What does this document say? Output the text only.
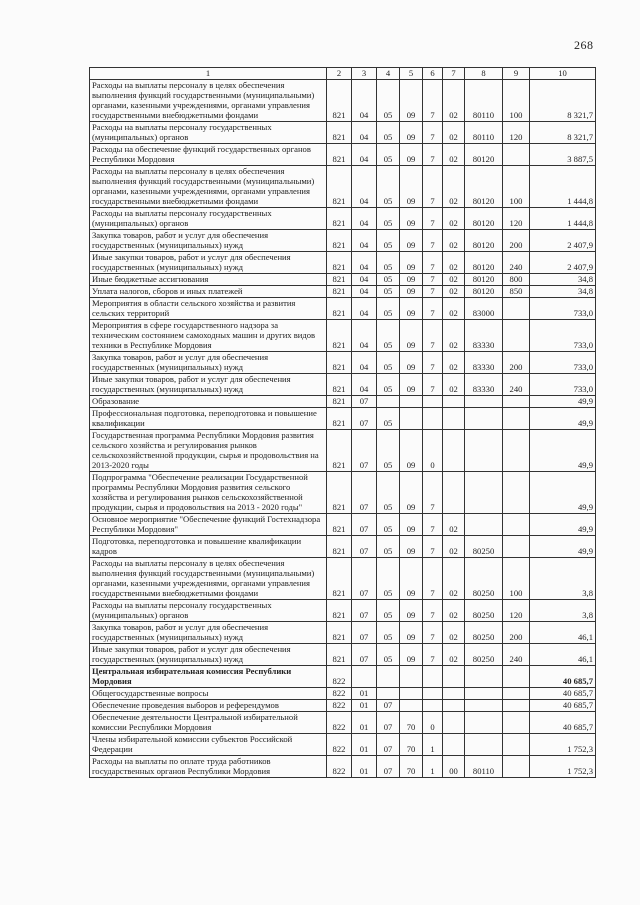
268
1	2	3	4	5	6	7	8	9	10
Расходы на выплаты персоналу в целях обеспечения выполнения функций государственными (муниципальными) органами, казенными учреждениями, органами управления государственными внебюджетными фондами	821	04	05	09	7	02	80110	100	8 321,7
Расходы на выплаты персоналу государственных (муниципальных) органов	821	04	05	09	7	02	80110	120	8 321,7
Расходы на обеспечение функций государственных органов Республики Мордовия	821	04	05	09	7	02	80120		3 887,5
Расходы на выплаты персоналу в целях обеспечения выполнения функций государственными (муниципальными) органами, казенными учреждениями, органами управления государственными внебюджетными фондами	821	04	05	09	7	02	80120	100	1 444,8
Расходы на выплаты персоналу государственных (муниципальных) органов	821	04	05	09	7	02	80120	120	1 444,8
Закупка товаров, работ и услуг для обеспечения государственных (муниципальных) нужд	821	04	05	09	7	02	80120	200	2 407,9
Иные закупки товаров, работ и услуг для обеспечения государственных (муниципальных) нужд	821	04	05	09	7	02	80120	240	2 407,9
Иные бюджетные ассигнования	821	04	05	09	7	02	80120	800	34,8
Уплата налогов, сборов и иных платежей	821	04	05	09	7	02	80120	850	34,8
Мероприятия в области сельского хозяйства и развития сельских территорий	821	04	05	09	7	02	83000		733,0
Мероприятия в сфере государственного надзора за техническим состоянием самоходных машин и других видов техники в Республике Мордовия	821	04	05	09	7	02	83330		733,0
Закупка товаров, работ и услуг для обеспечения государственных (муниципальных) нужд	821	04	05	09	7	02	83330	200	733,0
Иные закупки товаров, работ и услуг для обеспечения государственных (муниципальных) нужд	821	04	05	09	7	02	83330	240	733,0
Образование	821	07							49,9
Профессиональная подготовка, переподготовка и повышение квалификации	821	07	05						49,9
Государственная программа Республики Мордовия развития сельского хозяйства и регулирования рынков сельскохозяйственной продукции, сырья и продовольствия на 2013-2020 годы	821	07	05	09	0				49,9
Подпрограмма "Обеспечение реализации Государственной программы Республики Мордовия развития сельского хозяйства и регулирования рынков сельскохозяйственной продукции, сырья и продовольствия на 2013 - 2020 годы"	821	07	05	09	7				49,9
Основное мероприятие "Обеспечение функций Гостехнадзора Республики Мордовия"	821	07	05	09	7	02			49,9
Подготовка, переподготовка и повышение квалификации кадров	821	07	05	09	7	02	80250		49,9
Расходы на выплаты персоналу в целях обеспечения выполнения функций государственными (муниципальными) органами, казенными учреждениями, органами управления государственными внебюджетными фондами	821	07	05	09	7	02	80250	100	3,8
Расходы на выплаты персоналу государственных (муниципальных) органов	821	07	05	09	7	02	80250	120	3,8
Закупка товаров, работ и услуг для обеспечения государственных (муниципальных) нужд	821	07	05	09	7	02	80250	200	46,1
Иные закупки товаров, работ и услуг для обеспечения государственных (муниципальных) нужд	821	07	05	09	7	02	80250	240	46,1
Центральная избирательная комиссия Республики Мордовия	822								40 685,7
Общегосударственные вопросы	822	01							40 685,7
Обеспечение проведения выборов и референдумов	822	01	07						40 685,7
Обеспечение деятельности Центральной избирательной комиссии Республики Мордовия	822	01	07	70	0				40 685,7
Члены избирательной комиссии субъектов Российской Федерации	822	01	07	70	1				1 752,3
Расходы на выплаты по оплате труда работников государственных органов Республики Мордовия	822	01	07	70	1	00	80110		1 752,3
